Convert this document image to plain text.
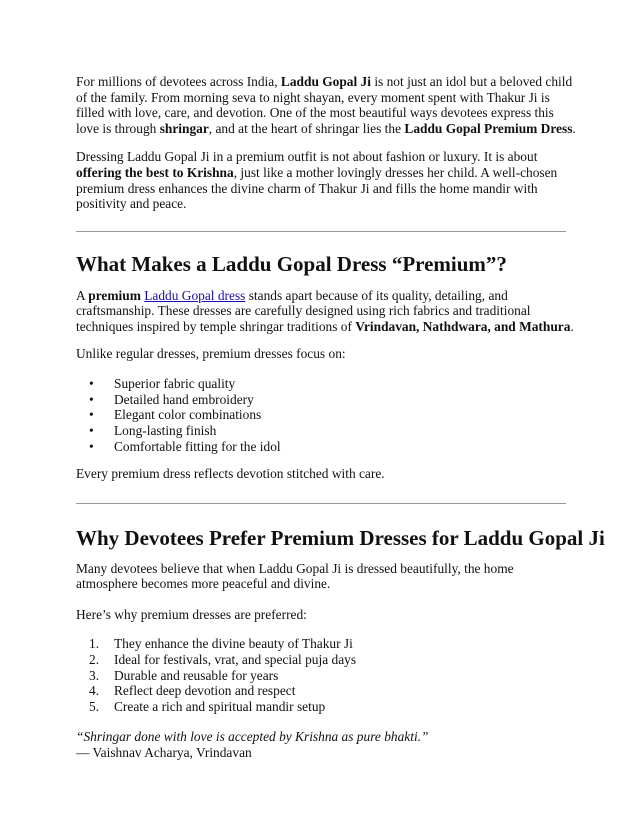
For millions of devotees across India, Laddu Gopal Ji is not just an idol but a beloved child of the family. From morning seva to night shayan, every moment spent with Thakur Ji is filled with love, care, and devotion. One of the most beautiful ways devotees express this love is through shringar, and at the heart of shringar lies the Laddu Gopal Premium Dress.

Dressing Laddu Gopal Ji in a premium outfit is not about fashion or luxury. It is about offering the best to Krishna, just like a mother lovingly dresses her child. A well-chosen premium dress enhances the divine charm of Thakur Ji and fills the home mandir with positivity and peace.

What Makes a Laddu Gopal Dress “Premium”?

A premium Laddu Gopal dress stands apart because of its quality, detailing, and craftsmanship. These dresses are carefully designed using rich fabrics and traditional techniques inspired by temple shringar traditions of Vrindavan, Nathdwara, and Mathura.

Unlike regular dresses, premium dresses focus on:

• Superior fabric quality
• Detailed hand embroidery
• Elegant color combinations
• Long-lasting finish
• Comfortable fitting for the idol

Every premium dress reflects devotion stitched with care.

Why Devotees Prefer Premium Dresses for Laddu Gopal Ji

Many devotees believe that when Laddu Gopal Ji is dressed beautifully, the home atmosphere becomes more peaceful and divine.

Here’s why premium dresses are preferred:

1. They enhance the divine beauty of Thakur Ji
2. Ideal for festivals, vrat, and special puja days
3. Durable and reusable for years
4. Reflect deep devotion and respect
5. Create a rich and spiritual mandir setup

“Shringar done with love is accepted by Krishna as pure bhakti.”

— Vaishnav Acharya, Vrindavan
